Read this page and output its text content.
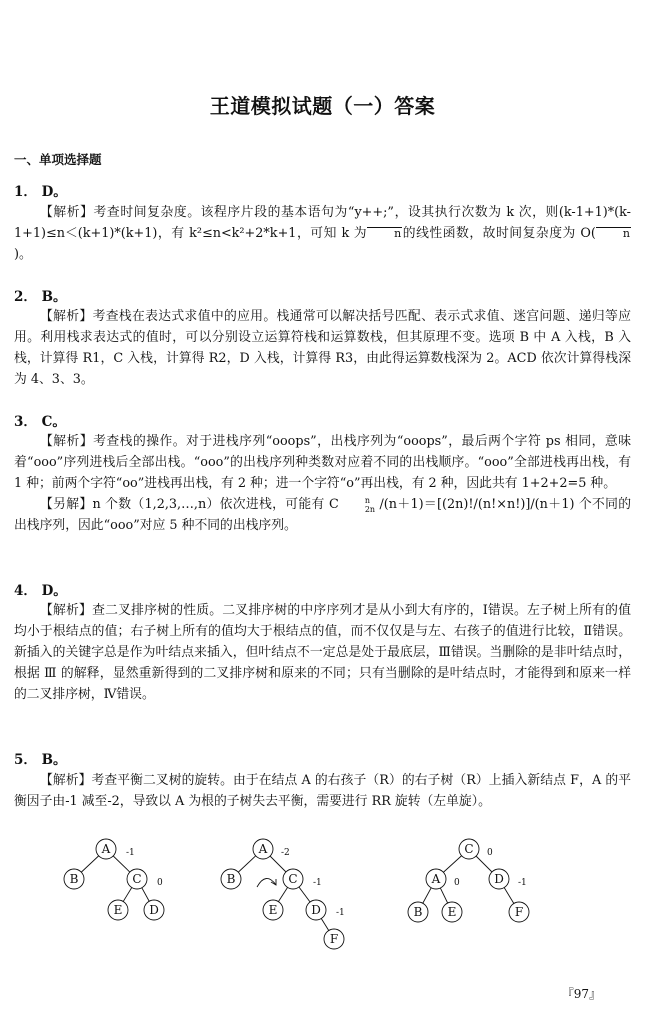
王道模拟试题（一）答案
一、单项选择题
1． D。

【解析】考查时间复杂度。该程序片段的基本语句为“y++;”，设其执行次数为 k 次，则(k-1+1)*(k-1+1)≤n＜(k+1)*(k+1)，有 k²≤n<k²+2*k+1，可知 k 为 n的线性函数，故时间复杂度为 O( n)。

2． B。

【解析】考查栈在表达式求值中的应用。栈通常可以解决括号匹配、表示式求值、迷宫问题、递归等应用。利用栈求表达式的值时，可以分别设立运算符栈和运算数栈，但其原理不变。选项 B 中 A 入栈，B 入栈，计算得 R1，C 入栈，计算得 R2，D 入栈，计算得 R3，由此得运算数栈深为 2。ACD 依次计算得栈深为 4、3、3。

3． C。

【解析】考查栈的操作。对于进栈序列“ooops”，出栈序列为“ooops”，最后两个字符 ps 相同，意味着“ooo”序列进栈后全部出栈。“ooo”的出栈序列种类数对应着不同的出栈顺序。“ooo”全部进栈再出栈，有 1 种；前两个字符“oo”进栈再出栈，有 2 种；进一个字符“o”再出栈，有 2 种，因此共有 1+2+2=5 种。

【另解】n 个数（1,2,3,…,n）依次进栈，可能有 C	n
2n /(n＋1)＝[(2n)!/(n!×n!)]/(n＋1) 个不同的出栈序列，因此“ooo”对应 5 种不同的出栈序列。

4． D。

【解析】查二叉排序树的性质。二叉排序树的中序序列才是从小到大有序的，Ⅰ错误。左子树上所有的值均小于根结点的值；右子树上所有的值均大于根结点的值，而不仅仅是与左、右孩子的值进行比较，Ⅱ错误。新插入的关键字总是作为叶结点来插入，但叶结点不一定总是处于最底层，Ⅲ错误。当删除的是非叶结点时，根据 Ⅲ 的解释，显然重新得到的二叉排序树和原来的不同；只有当删除的是叶结点时，才能得到和原来一样的二叉排序树，Ⅳ错误。

5． B。

【解析】考查平衡二叉树的旋转。由于在结点 A 的右孩子（R）的右子树（R）上插入新结点 F，A 的平衡因子由-1 减至-2，导致以 A 为根的子树失去平衡，需要进行 RR 旋转（左单旋）。

A
B	C
E D
A
B	C
E	D
F
C
A	D
B E	F
-1
0
-2
-1
-1
0
0	-1
『97』
